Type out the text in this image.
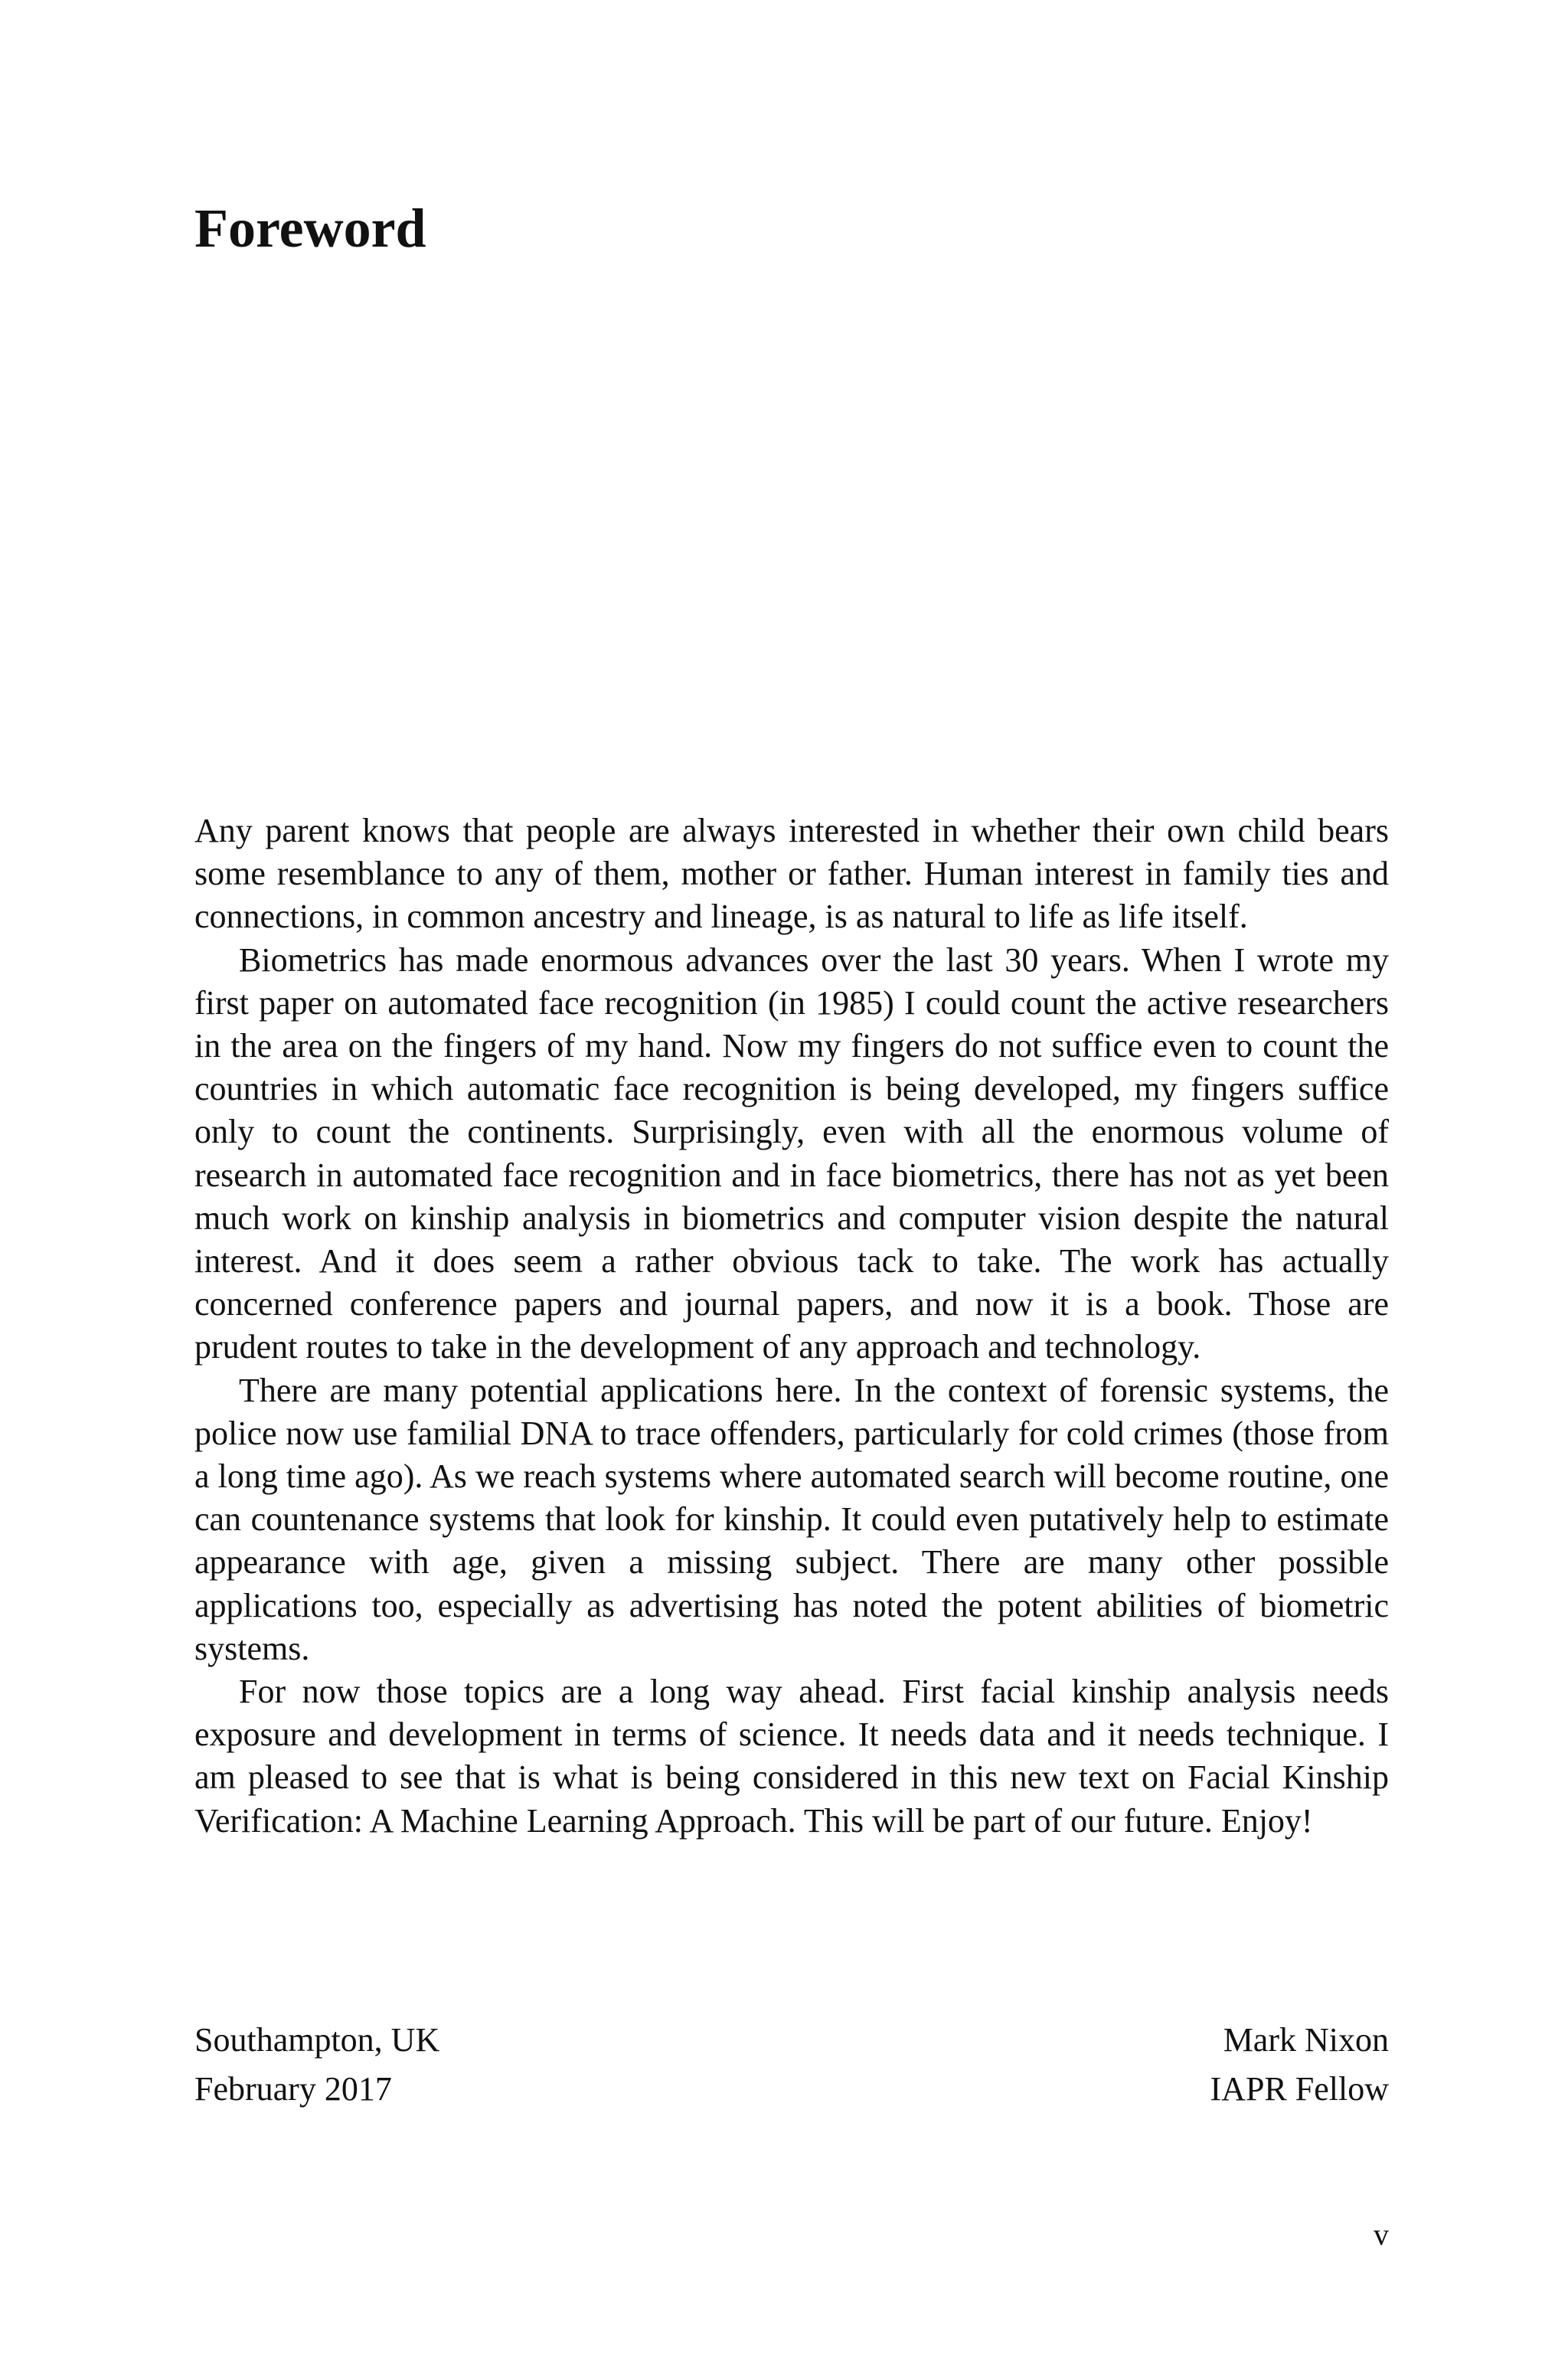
Foreword

Any parent knows that people are always interested in whether their own child bears some resemblance to any of them, mother or father. Human interest in family ties and connections, in common ancestry and lineage, is as natural to life as life itself.

Biometrics has made enormous advances over the last 30 years. When I wrote my first paper on automated face recognition (in 1985) I could count the active researchers in the area on the fingers of my hand. Now my fingers do not suffice even to count the countries in which automatic face recognition is being developed, my fingers suffice only to count the continents. Surprisingly, even with all the enormous volume of research in automated face recognition and in face biometrics, there has not as yet been much work on kinship analysis in biometrics and computer vision despite the natural interest. And it does seem a rather obvious tack to take. The work has actually concerned conference papers and journal papers, and now it is a book. Those are prudent routes to take in the development of any approach and technology.

There are many potential applications here. In the context of forensic systems, the police now use familial DNA to trace offenders, particularly for cold crimes (those from a long time ago). As we reach systems where automated search will become routine, one can countenance systems that look for kinship. It could even putatively help to estimate appearance with age, given a missing subject. There are many other possible applications too, especially as advertising has noted the potent abilities of biometric systems.

For now those topics are a long way ahead. First facial kinship analysis needs exposure and development in terms of science. It needs data and it needs technique. I am pleased to see that is what is being considered in this new text on Facial Kinship Verification: A Machine Learning Approach. This will be part of our future. Enjoy!

Southampton, UK
February 2017
Mark Nixon
IAPR Fellow
v
